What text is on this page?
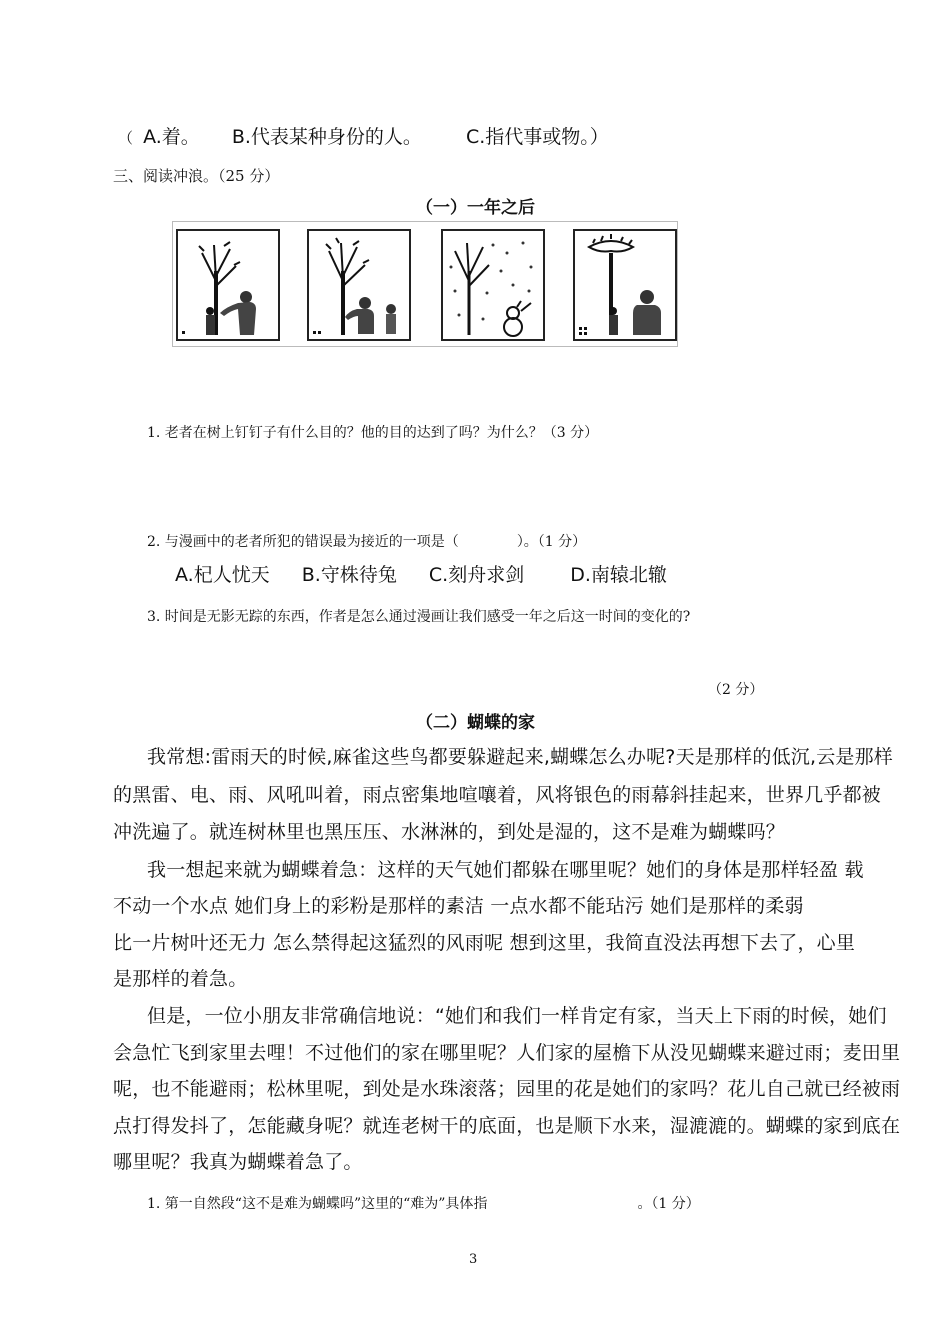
（ A.着。 B.代表某种身份的人。 C.指代事或物。）
三、阅读冲浪。（25 分）
（一）一年之后
1. 老者在树上钉钉子有什么目的？他的目的达到了吗？为什么？（3 分）
2. 与漫画中的老者所犯的错误最为接近的一项是（	）。（1 分）
A.杞人忧天 B.守株待兔 C.刻舟求剑 D.南辕北辙
3. 时间是无影无踪的东西，作者是怎么通过漫画让我们感受一年之后这一时间的变化的?
（2 分）
（二）蝴蝶的家
我常想:雷雨天的时候,麻雀这些鸟都要躲避起来,蝴蝶怎么办呢?天是那样的低沉,云是那样
的黑雷、电、雨、风吼叫着，雨点密集地喧嚷着，风将银色的雨幕斜挂起来，世界几乎都被
冲洗遍了。就连树林里也黑压压、水淋淋的，到处是湿的，这不是难为蝴蝶吗？
我一想起来就为蝴蝶着急：这样的天气她们都躲在哪里呢？她们的身体是那样轻盈 载
不动一个水点 她们身上的彩粉是那样的素洁 一点水都不能玷污 她们是那样的柔弱
比一片树叶还无力 怎么禁得起这猛烈的风雨呢 想到这里，我简直没法再想下去了，心里
是那样的着急。
但是，一位小朋友非常确信地说：“她们和我们一样肯定有家，当天上下雨的时候，她们
会急忙飞到家里去哩！不过他们的家在哪里呢？人们家的屋檐下从没见蝴蝶来避过雨；麦田里
呢，也不能避雨；松林里呢，到处是水珠滚落；园里的花是她们的家吗？花儿自己就已经被雨
点打得发抖了，怎能藏身呢？就连老树干的底面，也是顺下水来，湿漉漉的。蝴蝶的家到底在
哪里呢？我真为蝴蝶着急了。
1. 第一自然段“这不是难为蝴蝶吗”这里的“难为”具体指	。（1 分）
3
